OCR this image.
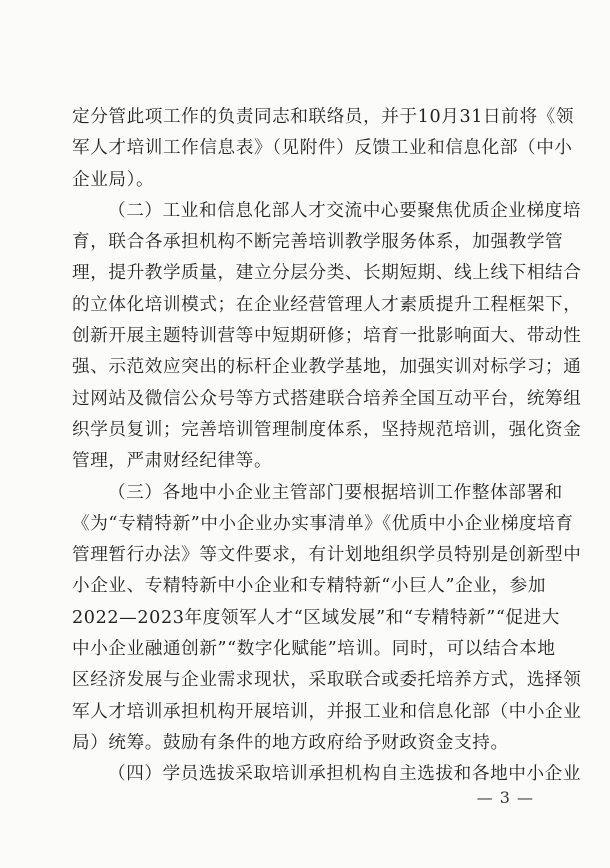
定分管此项工作的负责同志和联络员，并于10月31日前将《领
军人才培训工作信息表》（见附件）反馈工业和信息化部（中小
企业局）。
（二）工业和信息化部人才交流中心要聚焦优质企业梯度培
育，联合各承担机构不断完善培训教学服务体系，加强教学管
理，提升教学质量，建立分层分类、长期短期、线上线下相结合
的立体化培训模式；在企业经营管理人才素质提升工程框架下，
创新开展主题特训营等中短期研修；培育一批影响面大、带动性
强、示范效应突出的标杆企业教学基地，加强实训对标学习；通
过网站及微信公众号等方式搭建联合培养全国互动平台，统筹组
织学员复训；完善培训管理制度体系，坚持规范培训，强化资金
管理，严肃财经纪律等。
（三）各地中小企业主管部门要根据培训工作整体部署和
《为“专精特新”中小企业办实事清单》《优质中小企业梯度培育
管理暂行办法》等文件要求，有计划地组织学员特别是创新型中
小企业、专精特新中小企业和专精特新“小巨人”企业，参加
2022—2023年度领军人才“区域发展”和“专精特新”“促进大
中小企业融通创新”“数字化赋能”培训。同时，可以结合本地
区经济发展与企业需求现状，采取联合或委托培养方式，选择领
军人才培训承担机构开展培训，并报工业和信息化部（中小企业
局）统筹。鼓励有条件的地方政府给予财政资金支持。
（四）学员选拔采取培训承担机构自主选拔和各地中小企业
— 3 —
